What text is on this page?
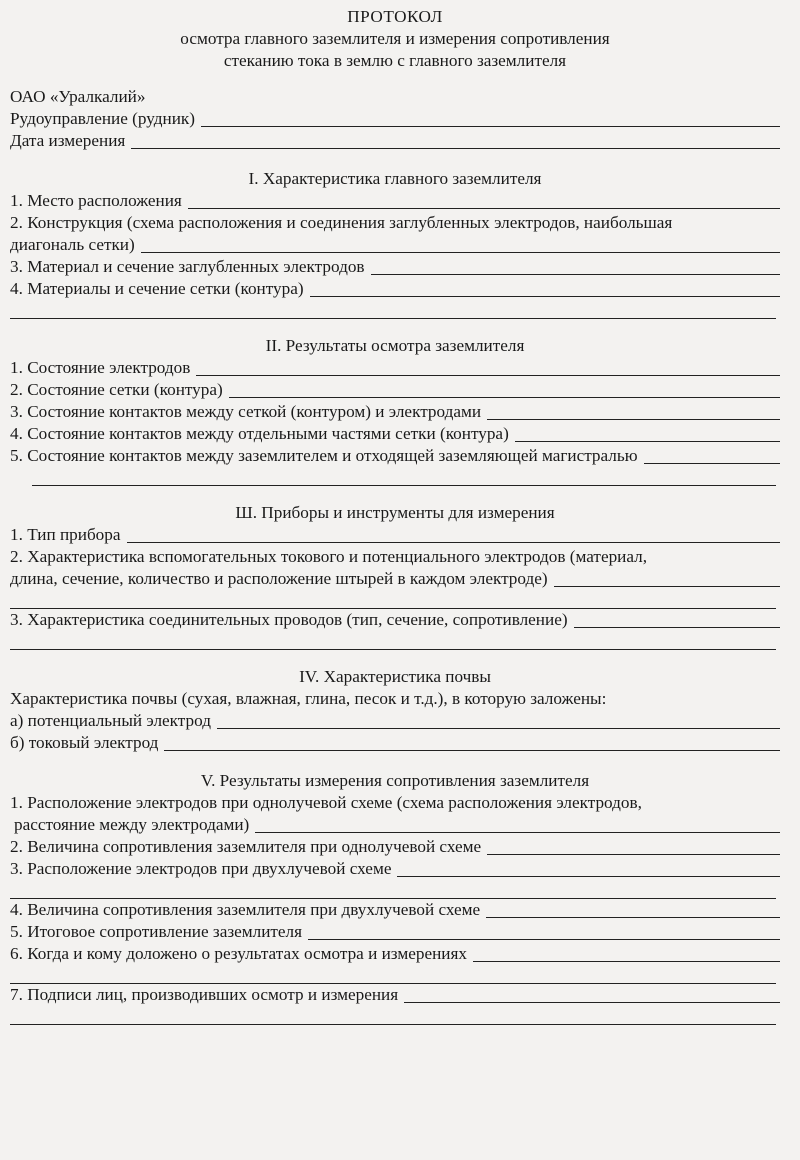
ПРОТОКОЛ
осмотра главного заземлителя и измерения сопротивления
стеканию тока в землю с главного заземлителя
ОАО «Уралкалий»
Рудоуправление (рудник)
Дата измерения
I. Характеристика главного заземлителя
1. Место расположения
2. Конструкция (схема расположения и соединения заглубленных электродов, наибольшая
диагональ сетки)
3. Материал и сечение заглубленных электродов
4. Материалы и сечение сетки (контура)
II. Результаты осмотра заземлителя
1. Состояние электродов
2. Состояние сетки (контура)
3. Состояние контактов между сеткой (контуром) и электродами
4. Состояние контактов между отдельными частями сетки (контура)
5. Состояние контактов между заземлителем и отходящей заземляющей магистралью
Ш. Приборы и инструменты для измерения
1. Тип прибора
2. Характеристика вспомогательных токового и потенциального электродов (материал,
длина, сечение, количество и расположение штырей в каждом электроде)
3. Характеристика соединительных проводов (тип, сечение, сопротивление)
IV. Характеристика почвы
Характеристика почвы (сухая, влажная, глина, песок и т.д.), в которую заложены:
а) потенциальный электрод
б) токовый электрод
V. Результаты измерения сопротивления заземлителя
1. Расположение электродов при однолучевой схеме (схема расположения электродов,
расстояние между электродами)
2. Величина сопротивления заземлителя при однолучевой схеме
3. Расположение электродов при двухлучевой схеме
4. Величина сопротивления заземлителя при двухлучевой схеме
5. Итоговое сопротивление заземлителя
6. Когда и кому доложено о результатах осмотра и измерениях
7. Подписи лиц, производивших осмотр и измерения
